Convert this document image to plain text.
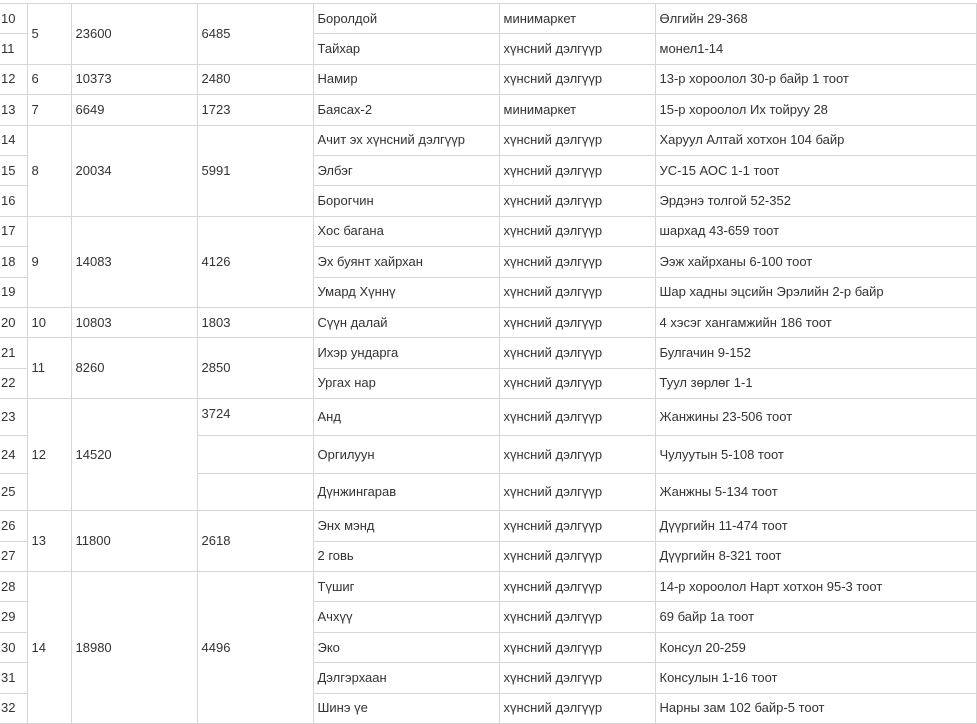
10	5	23600	6485	Боролдой	минимаркет	Өлгийн 29-368
11				Тайхар	хүнсний дэлгүүр	монел1-14
12	6	10373	2480	Намир	хүнсний дэлгүүр	13-р хороолол 30-р байр 1 тоот
13	7	6649	1723	Баясах-2	минимаркет	15-р хороолол Их тойруу 28
14	8	20034	5991	Ачит эх хүнсний дэлгүүр	хүнсний дэлгүүр	Харуул Алтай хотхон 104 байр
15				Элбэг	хүнсний дэлгүүр	УС-15 АОС 1-1 тоот
16				Борогчин	хүнсний дэлгүүр	Эрдэнэ толгой 52-352
17	9	14083	4126	Хос багана	хүнсний дэлгүүр	шархад 43-659 тоот
18				Эх буянт хайрхан	хүнсний дэлгүүр	Ээж хайрханы 6-100 тоот
19				Умард Хүннү	хүнсний дэлгүүр	Шар хадны эцсийн Эрэлийн 2-р байр
20	10	10803	1803	Сүүн далай	хүнсний дэлгүүр	4 хэсэг хангамжийн 186 тоот
21	11	8260	2850	Ихэр ундарга	хүнсний дэлгүүр	Булгачин 9-152
22				Ургах нар	хүнсний дэлгүүр	Туул зөрлөг 1-1
23	12	14520	3724	Анд	хүнсний дэлгүүр	Жанжины 23-506 тоот
24				Оргилуун	хүнсний дэлгүүр	Чулуутын 5-108 тоот
25				Дүнжингарав	хүнсний дэлгүүр	Жанжны 5-134 тоот
26	13	11800	2618	Энх мэнд	хүнсний дэлгүүр	Дүүргийн 11-474 тоот
27				2 говь	хүнсний дэлгүүр	Дүүргийн 8-321 тоот
28	14	18980	4496	Түшиг	хүнсний дэлгүүр	14-р хороолол Нарт хотхон 95-3 тоот
29				Ачхүү	хүнсний дэлгүүр	69 байр 1а тоот
30				Эко	хүнсний дэлгүүр	Консул 20-259
31				Дэлгэрхаан	хүнсний дэлгүүр	Консулын 1-16 тоот
32				Шинэ үе	хүнсний дэлгүүр	Нарны зам 102 байр-5 тоот
